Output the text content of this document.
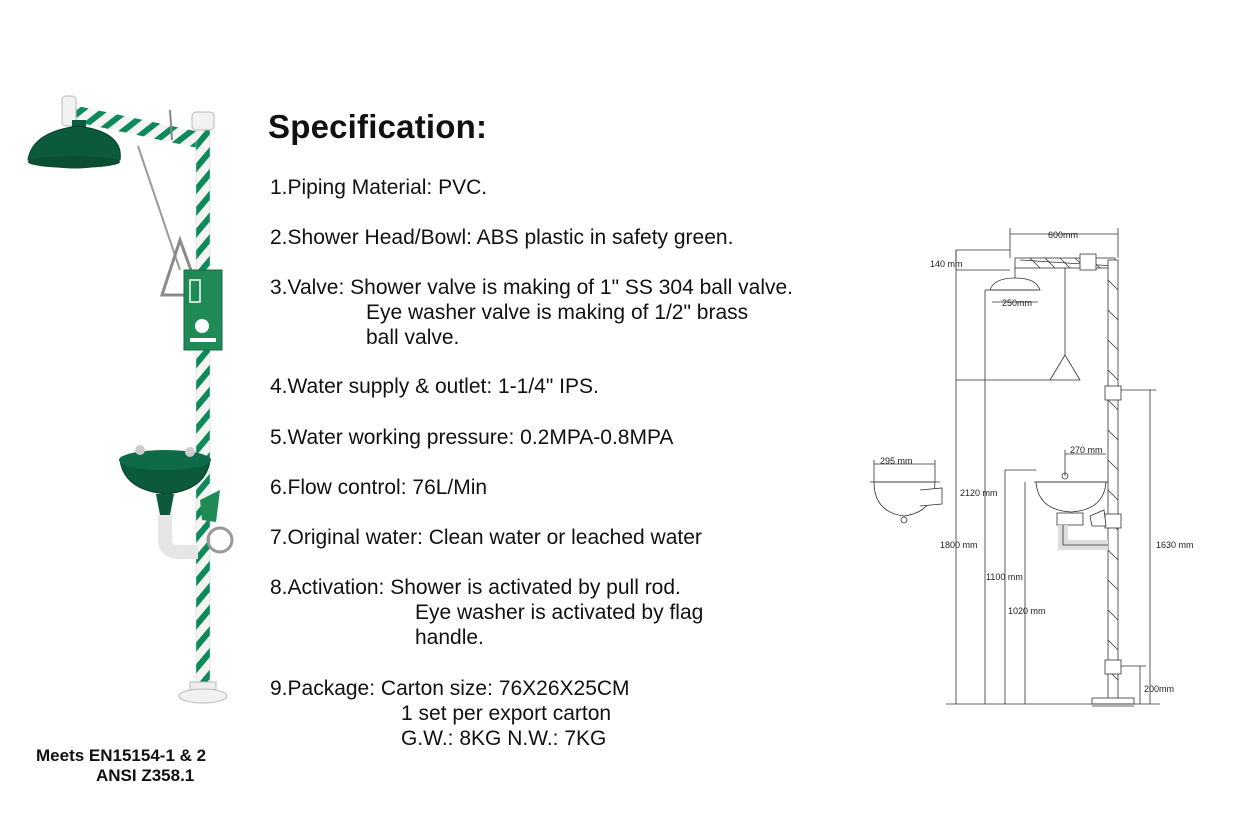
Specification:
1.Piping Material: PVC.
2.Shower Head/Bowl: ABS plastic in safety green.
3.Valve: Shower valve is making of 1" SS 304 ball valve.
Eye washer valve is making of 1/2" brass
ball valve.
4.Water supply & outlet: 1-1/4" IPS.
5.Water working pressure: 0.2MPA-0.8MPA
6.Flow control: 76L/Min
7.Original water: Clean water or leached water
8.Activation: Shower is activated by pull rod.
Eye washer is activated by flag
handle.
9.Package: Carton size: 76X26X25CM
1 set per export carton
G.W.: 8KG N.W.: 7KG
Meets EN15154-1 & 2
ANSI Z358.1
600mm
140 mm
250mm
295 mm
270 mm
2120 mm
1800 mm
1100 mm
1020 mm
1630 mm
200mm
